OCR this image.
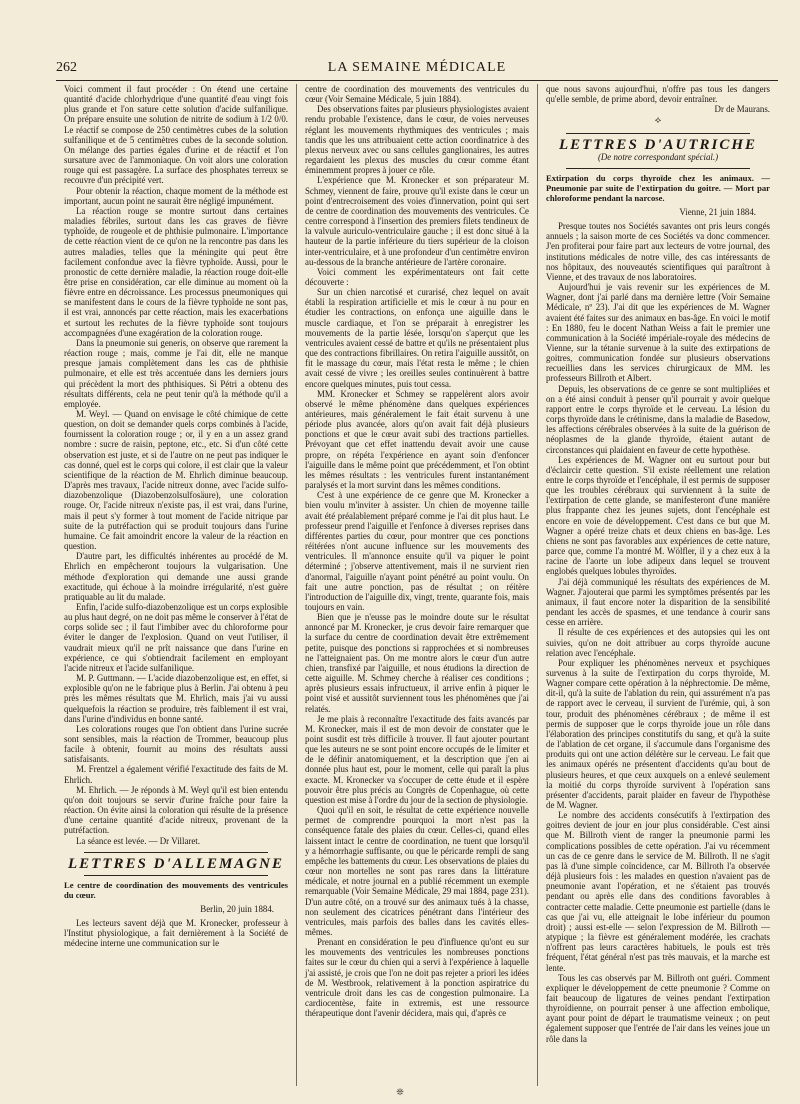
262	LA SEMAINE MÉDICALE

Voici comment il faut procéder : On étend une certaine quantité d'acide chlorhydrique d'une quantité d'eau vingt fois plus grande et l'on sature cette solution d'acide sulfanilique. On prépare ensuite une solution de nitrite de sodium à 1/2 0/0. Le réactif se compose de 250 centimètres cubes de la solution sulfanilique et de 5 centimètres cubes de la seconde solution. On mélange des parties égales d'urine et de réactif et l'on sursature avec de l'ammoniaque. On voit alors une coloration rouge qui est passagère. La surface des phosphates terreux se recouvre d'un précipité vert.

Pour obtenir la réaction, chaque moment de la méthode est important, aucun point ne saurait être négligé impunément.

La réaction rouge se montre surtout dans certaines maladies fébriles, surtout dans les cas graves de fièvre typhoïde, de rougeole et de phthisie pulmonaire. L'importance de cette réaction vient de ce qu'on ne la rencontre pas dans les autres maladies, telles que la méningite qui peut être facilement confondue avec la fièvre typhoïde. Aussi, pour le pronostic de cette dernière maladie, la réaction rouge doit-elle être prise en considération, car elle diminue au moment où la fièvre entre en décroissance. Les processus pneumoniques qui se manifestent dans le cours de la fièvre typhoïde ne sont pas, il est vrai, annoncés par cette réaction, mais les exacerbations et surtout les rechutes de la fièvre typhoïde sont toujours accompagnées d'une exagération de la coloration rouge.

Dans la pneumonie sui generis, on observe que rarement la réaction rouge ; mais, comme je l'ai dit, elle ne manque presque jamais complètement dans les cas de phthisie pulmonaire, et elle est très accentuée dans les derniers jours qui précèdent la mort des phthisiques. Si Pétri a obtenu des résultats différents, cela ne peut tenir qu'à la méthode qu'il a employée.

M. Weyl. — Quand on envisage le côté chimique de cette question, on doit se demander quels corps combinés à l'acide, fournissent la coloration rouge ; or, il y en a un assez grand nombre : sucre de raisin, peptone, etc., etc. Si d'un côté cette observation est juste, et si de l'autre on ne peut pas indiquer le cas donné, quel est le corps qui colore, il est clair que la valeur scientifique de la réaction de M. Ehrlich diminue beaucoup. D'après mes travaux, l'acide nitreux donne, avec l'acide sulfo-diazobenzolique (Diazobenzolsulfosäure), une coloration rouge. Or, l'acide nitreux n'existe pas, il est vrai, dans l'urine, mais il peut s'y former à tout moment de l'acide nitrique par suite de la putréfaction qui se produit toujours dans l'urine humaine. Ce fait amoindrit encore la valeur de la réaction en question.

D'autre part, les difficultés inhérentes au procédé de M. Ehrlich en empêcheront toujours la vulgarisation. Une méthode d'exploration qui demande une aussi grande exactitude, qui échoue à la moindre irrégularité, n'est guère pratiquable au lit du malade.

Enfin, l'acide sulfo-diazobenzolique est un corps explosible au plus haut degré, on ne doit pas même le conserver à l'état de corps solide sec ; il faut l'imbiber avec du chloroforme pour éviter le danger de l'explosion. Quand on veut l'utiliser, il vaudrait mieux qu'il ne prît naissance que dans l'urine en expérience, ce qui s'obtiendrait facilement en employant l'acide nitreux et l'acide sulfanilique.

M. P. Guttmann. — L'acide diazobenzolique est, en effet, si explosible qu'on ne le fabrique plus à Berlin. J'ai obtenu à peu près les mêmes résultats que M. Ehrlich, mais j'ai vu aussi quelquefois la réaction se produire, très faiblement il est vrai, dans l'urine d'individus en bonne santé.

Les colorations rouges que l'on obtient dans l'urine sucrée sont sensibles, mais la réaction de Trommer, beaucoup plus facile à obtenir, fournit au moins des résultats aussi satisfaisants.

M. Frentzel a également vérifié l'exactitude des faits de M. Ehrlich.

M. Ehrlich. — Je réponds à M. Weyl qu'il est bien entendu qu'on doit toujours se servir d'urine fraîche pour faire la réaction. On évite ainsi la coloration qui résulte de la présence d'une certaine quantité d'acide nitreux, provenant de la putréfaction.

La séance est levée. — Dr Villaret.

LETTRES D'ALLEMAGNE

Le centre de coordination des mouvements des ventricules du cœur.

Berlin, 20 juin 1884.

Les lecteurs savent déjà que M. Kronecker, professeur à l'Institut physiologique, a fait dernièrement à la Société de médecine interne une communication sur le

centre de coordination des mouvements des ventricules du cœur (Voir Semaine Médicale, 5 juin 1884).

Des observations faites par plusieurs physiologistes avaient rendu probable l'existence, dans le cœur, de voies nerveuses réglant les mouvements rhythmiques des ventricules ; mais tandis que les uns attribuaient cette action coordinatrice à des plexus nerveux avec ou sans cellules ganglionaires, les autres regardaient les plexus des muscles du cœur comme étant éminemment propres à jouer ce rôle.

L'expérience que M. Kronecker et son préparateur M. Schmey, viennent de faire, prouve qu'il existe dans le cœur un point d'entrecroisement des voies d'innervation, point qui sert de centre de coordination des mouvements des ventricules. Ce centre correspond à l'insertion des premiers filets tendineux de la valvule auriculo-ventriculaire gauche ; il est donc situé à la hauteur de la partie inférieure du tiers supérieur de la cloison inter-ventriculaire, et à une profondeur d'un centimètre environ au-dessous de la branche antérieure de l'artère coronaire.

Voici comment les expérimentateurs ont fait cette découverte :

Sur un chien narcotisé et curarisé, chez lequel on avait établi la respiration artificielle et mis le cœur à nu pour en étudier les contractions, on enfonça une aiguille dans le muscle cardiaque, et l'on se préparait à enregistrer les mouvements de la partie lésée, lorsqu'on s'aperçut que les ventricules avaient cessé de battre et qu'ils ne présentaient plus que des contractions fibrillaires. On retira l'aiguille aussitôt, on fit le massage du cœur, mais l'état resta le même ; le chien avait cessé de vivre ; les oreilles seules continuèrent à battre encore quelques minutes, puis tout cessa.

MM. Kronecker et Schmey se rappelèrent alors avoir observé le même phénomène dans quelques expériences antérieures, mais généralement le fait était survenu à une période plus avancée, alors qu'on avait fait déjà plusieurs ponctions et que le cœur avait subi des tractions partielles. Prévoyant que cet effet inattendu devait avoir une cause propre, on répéta l'expérience en ayant soin d'enfoncer l'aiguille dans le même point que précédemment, et l'on obtint les mêmes résultats : les ventricules furent instantanément paralysés et la mort survint dans les mêmes conditions.

C'est à une expérience de ce genre que M. Kronecker a bien voulu m'inviter à assister. Un chien de moyenne taille avait été préalablement préparé comme je l'ai dit plus haut. Le professeur prend l'aiguille et l'enfonce à diverses reprises dans différentes parties du cœur, pour montrer que ces ponctions réitérées n'ont aucune influence sur les mouvements des ventricules. Il m'annonce ensuite qu'il va piquer le point déterminé ; j'observe attentivement, mais il ne survient rien d'anormal, l'aiguille n'ayant point pénétré au point voulu. On fait une autre ponction, pas de résultat ; on réitère l'introduction de l'aiguille dix, vingt, trente, quarante fois, mais toujours en vain.

Bien que je n'eusse pas le moindre doute sur le résultat annoncé par M. Kronecker, je crus devoir faire remarquer que la surface du centre de coordination devait être extrêmement petite, puisque des ponctions si rapprochées et si nombreuses ne l'atteignaient pas. On me montre alors le cœur d'un autre chien, transfixé par l'aiguille, et nous étudions la direction de cette aiguille. M. Schmey cherche à réaliser ces conditions ; après plusieurs essais infructueux, il arrive enfin à piquer le point visé et aussitôt surviennent tous les phénomènes que j'ai relatés.

Je me plais à reconnaître l'exactitude des faits avancés par M. Kronecker, mais il est de mon devoir de constater que le point susdit est très difficile à trouver. Il faut ajouter pourtant que les auteurs ne se sont point encore occupés de le limiter et de le définir anatomiquement, et la description que j'en ai donnée plus haut est, pour le moment, celle qui paraît la plus exacte. M. Kronecker va s'occuper de cette étude et il espère pouvoir être plus précis au Congrès de Copenhague, où cette question est mise à l'ordre du jour de la section de physiologie.

Quoi qu'il en soit, le résultat de cette expérience nouvelle permet de comprendre pourquoi la mort n'est pas la conséquence fatale des plaies du cœur. Celles-ci, quand elles laissent intact le centre de coordination, ne tuent que lorsqu'il y a hémorrhagie suffisante, ou que le péricarde rempli de sang empêche les battements du cœur. Les observations de plaies du cœur non mortelles ne sont pas rares dans la littérature médicale, et notre journal en a publié récemment un exemple remarquable (Voir Semaine Médicale, 29 mai 1884, page 231). D'un autre côté, on a trouvé sur des animaux tués à la chasse, non seulement des cicatrices pénétrant dans l'intérieur des ventricules, mais parfois des balles dans les cavités elles-mêmes.

Prenant en considération le peu d'influence qu'ont eu sur les mouvements des ventricules les nombreuses ponctions faites sur le cœur du chien qui a servi à l'expérience à laquelle j'ai assisté, je crois que l'on ne doit pas rejeter a priori les idées de M. Westbrook, relativement à la ponction aspiratrice du ventricule droit dans les cas de congestion pulmonaire. La cardiocentèse, faite in extremis, est une ressource thérapeutique dont l'avenir décidera, mais qui, d'après ce

que nous savons aujourd'hui, n'offre pas tous les dangers qu'elle semble, de prime abord, devoir entraîner.

Dr de Maurans.

⟡
LETTRES D'AUTRICHE
(De notre correspondant spécial.)

Extirpation du corps thyroïde chez les animaux. — Pneumonie par suite de l'extirpation du goitre. — Mort par chloroforme pendant la narcose.

Vienne, 21 juin 1884.

Presque toutes nos Sociétés savantes ont pris leurs congés annuels ; la saison morte de ces Sociétés va donc commencer. J'en profiterai pour faire part aux lecteurs de votre journal, des institutions médicales de notre ville, des cas intéressants de nos hôpitaux, des nouveautés scientifiques qui paraîtront à Vienne, et des travaux de nos laboratoires.

Aujourd'hui je vais revenir sur les expériences de M. Wagner, dont j'ai parlé dans ma dernière lettre (Voir Semaine Médicale, nº 23). J'ai dit que les expériences de M. Wagner avaient été faites sur des animaux en bas-âge. En voici le motif : En 1880, feu le docent Nathan Weiss a fait le premier une communication à la Société impériale-royale des médecins de Vienne, sur la tétanie survenue à la suite des extirpations de goitres, communication fondée sur plusieurs observations recueillies dans les services chirurgicaux de MM. les professeurs Billroth et Albert.

Depuis, les observations de ce genre se sont multipliées et on a été ainsi conduit à penser qu'il pourrait y avoir quelque rapport entre le corps thyroïde et le cerveau. La lésion du corps thyroïde dans le crétinisme, dans la maladie de Basedow, les affections cérébrales observées à la suite de la guérison de néoplasmes de la glande thyroïde, étaient autant de circonstances qui plaidaient en faveur de cette hypothèse.

Les expériences de M. Wagner ont eu surtout pour but d'éclaircir cette question. S'il existe réellement une relation entre le corps thyroïde et l'encéphale, il est permis de supposer que les troubles cérébraux qui surviennent à la suite de l'extirpation de cette glande, se manifesteront d'une manière plus frappante chez les jeunes sujets, dont l'encéphale est encore en voie de développement. C'est dans ce but que M. Wagner a opéré treize chats et deux chiens en bas-âge. Les chiens ne sont pas favorables aux expériences de cette nature, parce que, comme l'a montré M. Wölfler, il y a chez eux à la racine de l'aorte un lobe adipeux dans lequel se trouvent englobés quelques lobules thyroïdes.

J'ai déjà communiqué les résultats des expériences de M. Wagner. J'ajouterai que parmi les symptômes présentés par les animaux, il faut encore noter la disparition de la sensibilité pendant les accès de spasmes, et une tendance à courir sans cesse en arrière.

Il résulte de ces expériences et des autopsies qui les ont suivies, qu'on ne doit attribuer au corps thyroïde aucune relation avec l'encéphale.

Pour expliquer les phénomènes nerveux et psychiques survenus à la suite de l'extirpation du corps thyroïde, M. Wagner compare cette opération à la néphrectomie. De même, dit-il, qu'à la suite de l'ablation du rein, qui assurément n'a pas de rapport avec le cerveau, il survient de l'urémie, qui, à son tour, produit des phénomènes cérébraux ; de même il est permis de supposer que le corps thyroïde joue un rôle dans l'élaboration des principes constitutifs du sang, et qu'à la suite de l'ablation de cet organe, il s'accumule dans l'organisme des produits qui ont une action délétère sur le cerveau. Le fait que les animaux opérés ne présentent d'accidents qu'au bout de plusieurs heures, et que ceux auxquels on a enlevé seulement la moitié du corps thyroïde survivent à l'opération sans présenter d'accidents, parait plaider en faveur de l'hypothèse de M. Wagner.

Le nombre des accidents consécutifs à l'extirpation des goitres devient de jour en jour plus considérable. C'est ainsi que M. Billroth vient de ranger la pneumonie parmi les complications possibles de cette opération. J'ai vu récemment un cas de ce genre dans le service de M. Billroth. Il ne s'agit pas là d'une simple coïncidence, car M. Billroth l'a observée déjà plusieurs fois : les malades en question n'avaient pas de pneumonie avant l'opération, et ne s'étaient pas trouvés pendant ou après elle dans des conditions favorables à contracter cette maladie. Cette pneumonie est partielle (dans le cas que j'ai vu, elle atteignait le lobe inférieur du poumon droit) ; aussi est-elle — selon l'expression de M. Billroth — atypique ; la fièvre est généralement modérée, les crachats n'offrent pas leurs caractères habituels, le pouls est très fréquent, l'état général n'est pas très mauvais, et la marche est lente.

Tous les cas observés par M. Billroth ont guéri. Comment expliquer le développement de cette pneumonie ? Comme on fait beaucoup de ligatures de veines pendant l'extirpation thyroïdienne, on pourrait penser à une affection embolique, ayant pour point de départ le traumatisme veineux ; on peut également supposer que l'entrée de l'air dans les veines joue un rôle dans la

❊
